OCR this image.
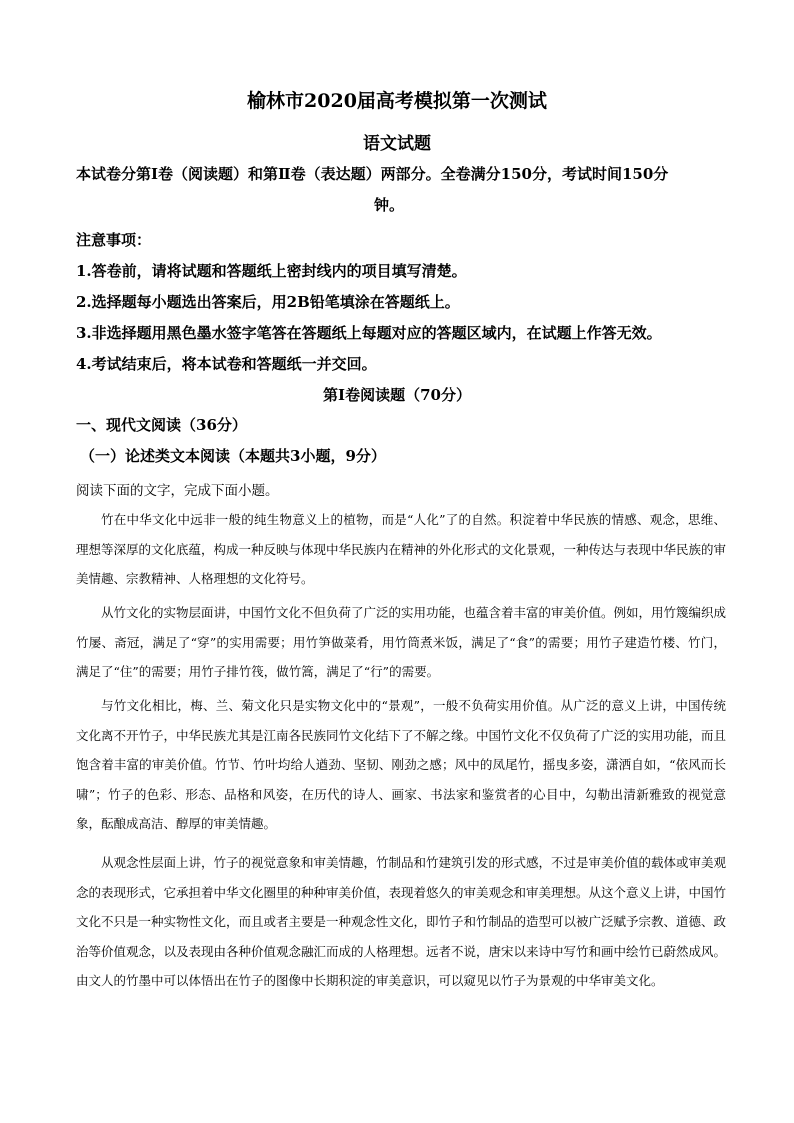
榆林市2020届高考模拟第一次测试
语文试题
本试卷分第Ⅰ卷（阅读题）和第Ⅱ卷（表达题）两部分。全卷满分150分，考试时间150分
钟。
注意事项：
1.答卷前，请将试题和答题纸上密封线内的项目填写清楚。
2.选择题每小题选出答案后，用2B铅笔填涂在答题纸上。
3.非选择题用黑色墨水签字笔答在答题纸上每题对应的答题区域内，在试题上作答无效。
4.考试结束后，将本试卷和答题纸一并交回。
第Ⅰ卷阅读题（70分）
一、现代文阅读（36分）
（一）论述类文本阅读（本题共3小题，9分）
阅读下面的文字，完成下面小题。
竹在中华文化中远非一般的纯生物意义上的植物，而是“人化”了的自然。积淀着中华民族的情感、观念，思维、理想等深厚的文化底蕴，构成一种反映与体现中华民族内在精神的外化形式的文化景观，一种传达与表现中华民族的审美情趣、宗教精神、人格理想的文化符号。
从竹文化的实物层面讲，中国竹文化不但负荷了广泛的实用功能，也蕴含着丰富的审美价值。例如，用竹篾编织成竹屡、斋冠，满足了“穿”的实用需要；用竹笋做菜肴，用竹筒煮米饭，满足了“食”的需要；用竹子建造竹楼、竹门，满足了“住”的需要；用竹子排竹筏，做竹篙，满足了“行”的需要。
与竹文化相比，梅、兰、菊文化只是实物文化中的“景观”，一般不负荷实用价值。从广泛的意义上讲，中国传统文化离不开竹子，中华民族尤其是江南各民族同竹文化结下了不解之缘。中国竹文化不仅负荷了广泛的实用功能，而且饱含着丰富的审美价值。竹节、竹叶均给人遒劲、坚韧、刚劲之感；风中的凤尾竹，摇曳多姿，潇洒自如，“依风而长啸”；竹子的色彩、形态、品格和风姿，在历代的诗人、画家、书法家和鉴赏者的心目中，勾勒出清新雅致的视觉意象，酝酿成高洁、醇厚的审美情趣。
从观念性层面上讲，竹子的视觉意象和审美情趣，竹制品和竹建筑引发的形式感，不过是审美价值的载体或审美观念的表现形式，它承担着中华文化圈里的种种审美价值，表现着悠久的审美观念和审美理想。从这个意义上讲，中国竹文化不只是一种实物性文化，而且或者主要是一种观念性文化，即竹子和竹制品的造型可以被广泛赋予宗教、道德、政治等价值观念，以及表现由各种价值观念融汇而成的人格理想。远者不说，唐宋以来诗中写竹和画中绘竹已蔚然成风。由文人的竹墨中可以体悟出在竹子的图像中长期积淀的审美意识，可以窥见以竹子为景观的中华审美文化。
